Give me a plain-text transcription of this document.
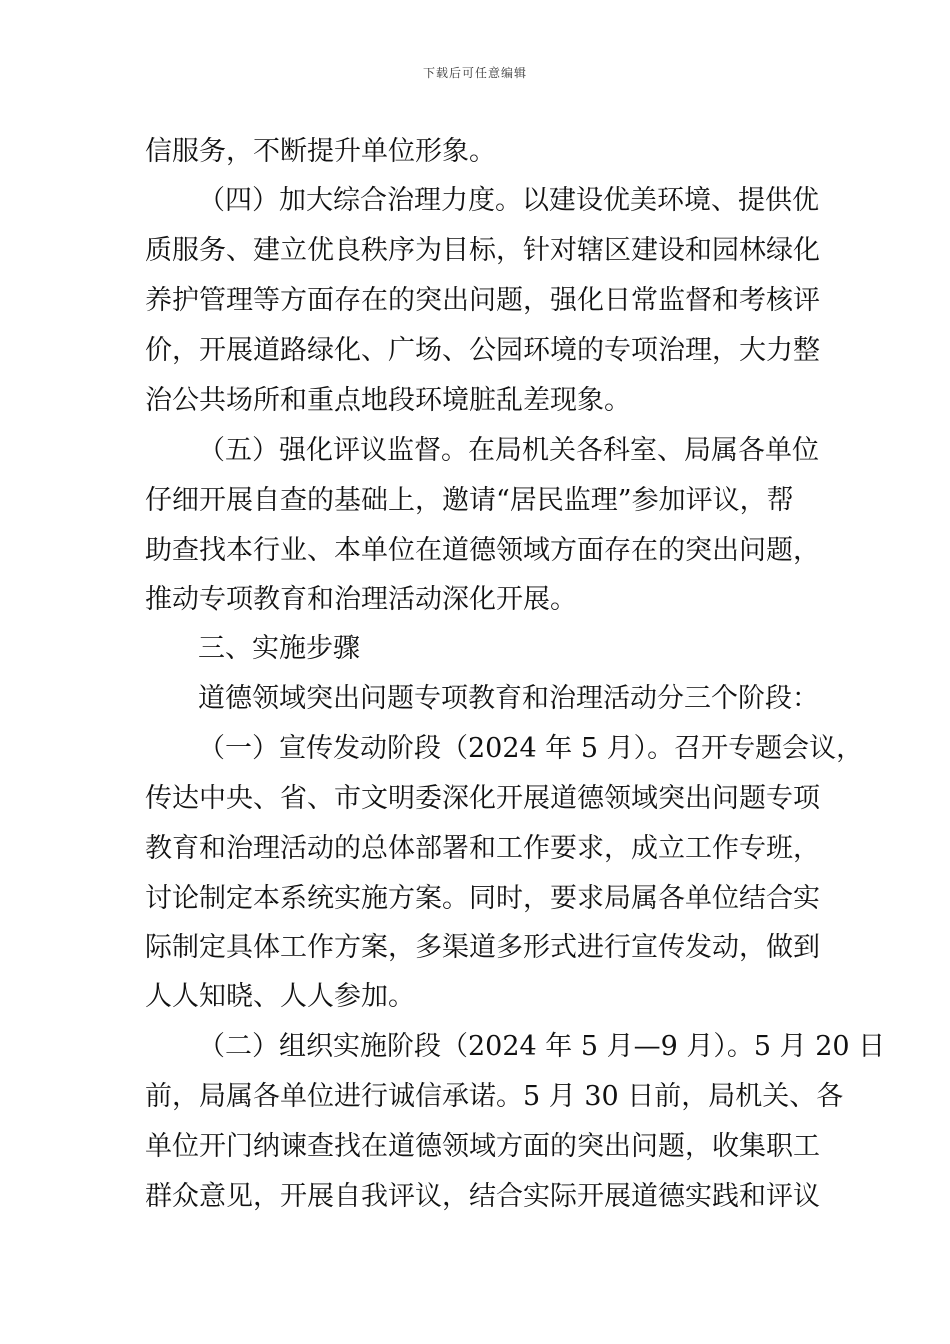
下载后可任意编辑
信服务，不断提升单位形象。
（四）加大综合治理力度。以建设优美环境、提供优
质服务、建立优良秩序为目标，针对辖区建设和园林绿化
养护管理等方面存在的突出问题，强化日常监督和考核评
价，开展道路绿化、广场、公园环境的专项治理，大力整
治公共场所和重点地段环境脏乱差现象。
（五）强化评议监督。在局机关各科室、局属各单位
仔细开展自查的基础上，邀请“居民监理”参加评议，帮
助查找本行业、本单位在道德领域方面存在的突出问题，
推动专项教育和治理活动深化开展。
三、实施步骤
道德领域突出问题专项教育和治理活动分三个阶段：
（一）宣传发动阶段（2024 年 5 月）。召开专题会议，
传达中央、省、市文明委深化开展道德领域突出问题专项
教育和治理活动的总体部署和工作要求，成立工作专班，
讨论制定本系统实施方案。同时，要求局属各单位结合实
际制定具体工作方案，多渠道多形式进行宣传发动，做到
人人知晓、人人参加。
（二）组织实施阶段（2024 年 5 月—9 月）。5 月 20 日
前，局属各单位进行诚信承诺。5 月 30 日前，局机关、各
单位开门纳谏查找在道德领域方面的突出问题，收集职工
群众意见，开展自我评议，结合实际开展道德实践和评议
